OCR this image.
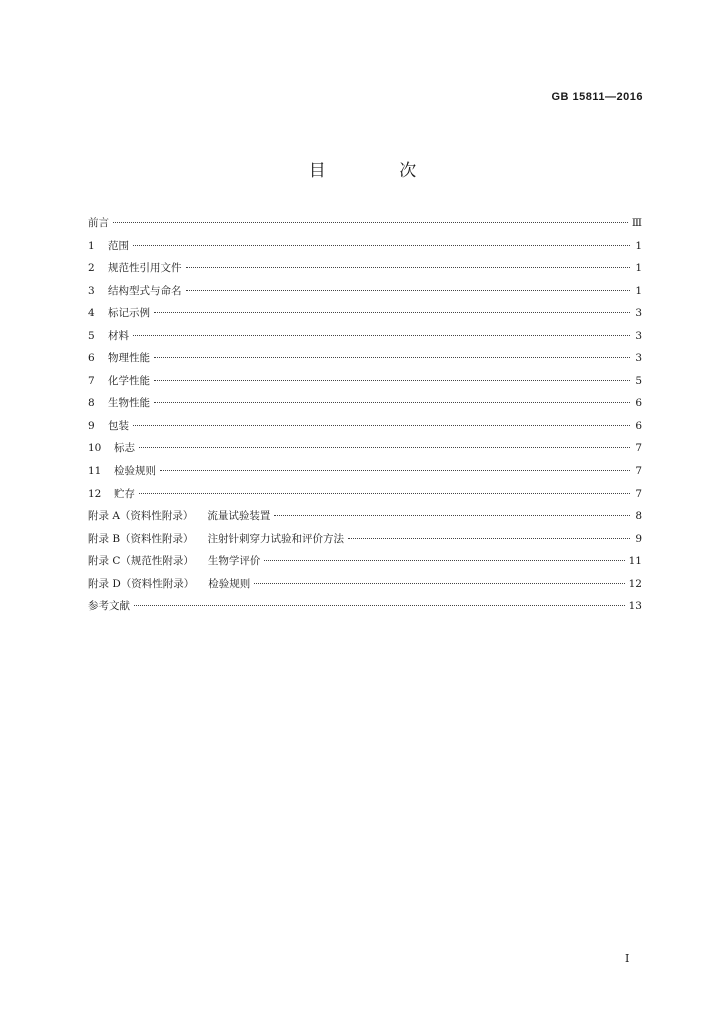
GB 15811—2016
目 次
前言	Ⅲ
1	范围	1
2	规范性引用文件	1
3	结构型式与命名	1
4	标记示例	3
5	材料	3
6	物理性能	3
7	化学性能	5
8	生物性能	6
9	包装	6
10	标志	7
11	检验规则	7
12	贮存	7
附录 A（资料性附录） 流量试验装置	8
附录 B（资料性附录） 注射针刺穿力试验和评价方法	9
附录 C（规范性附录） 生物学评价	11
附录 D（资料性附录） 检验规则	12
参考文献	13
I
